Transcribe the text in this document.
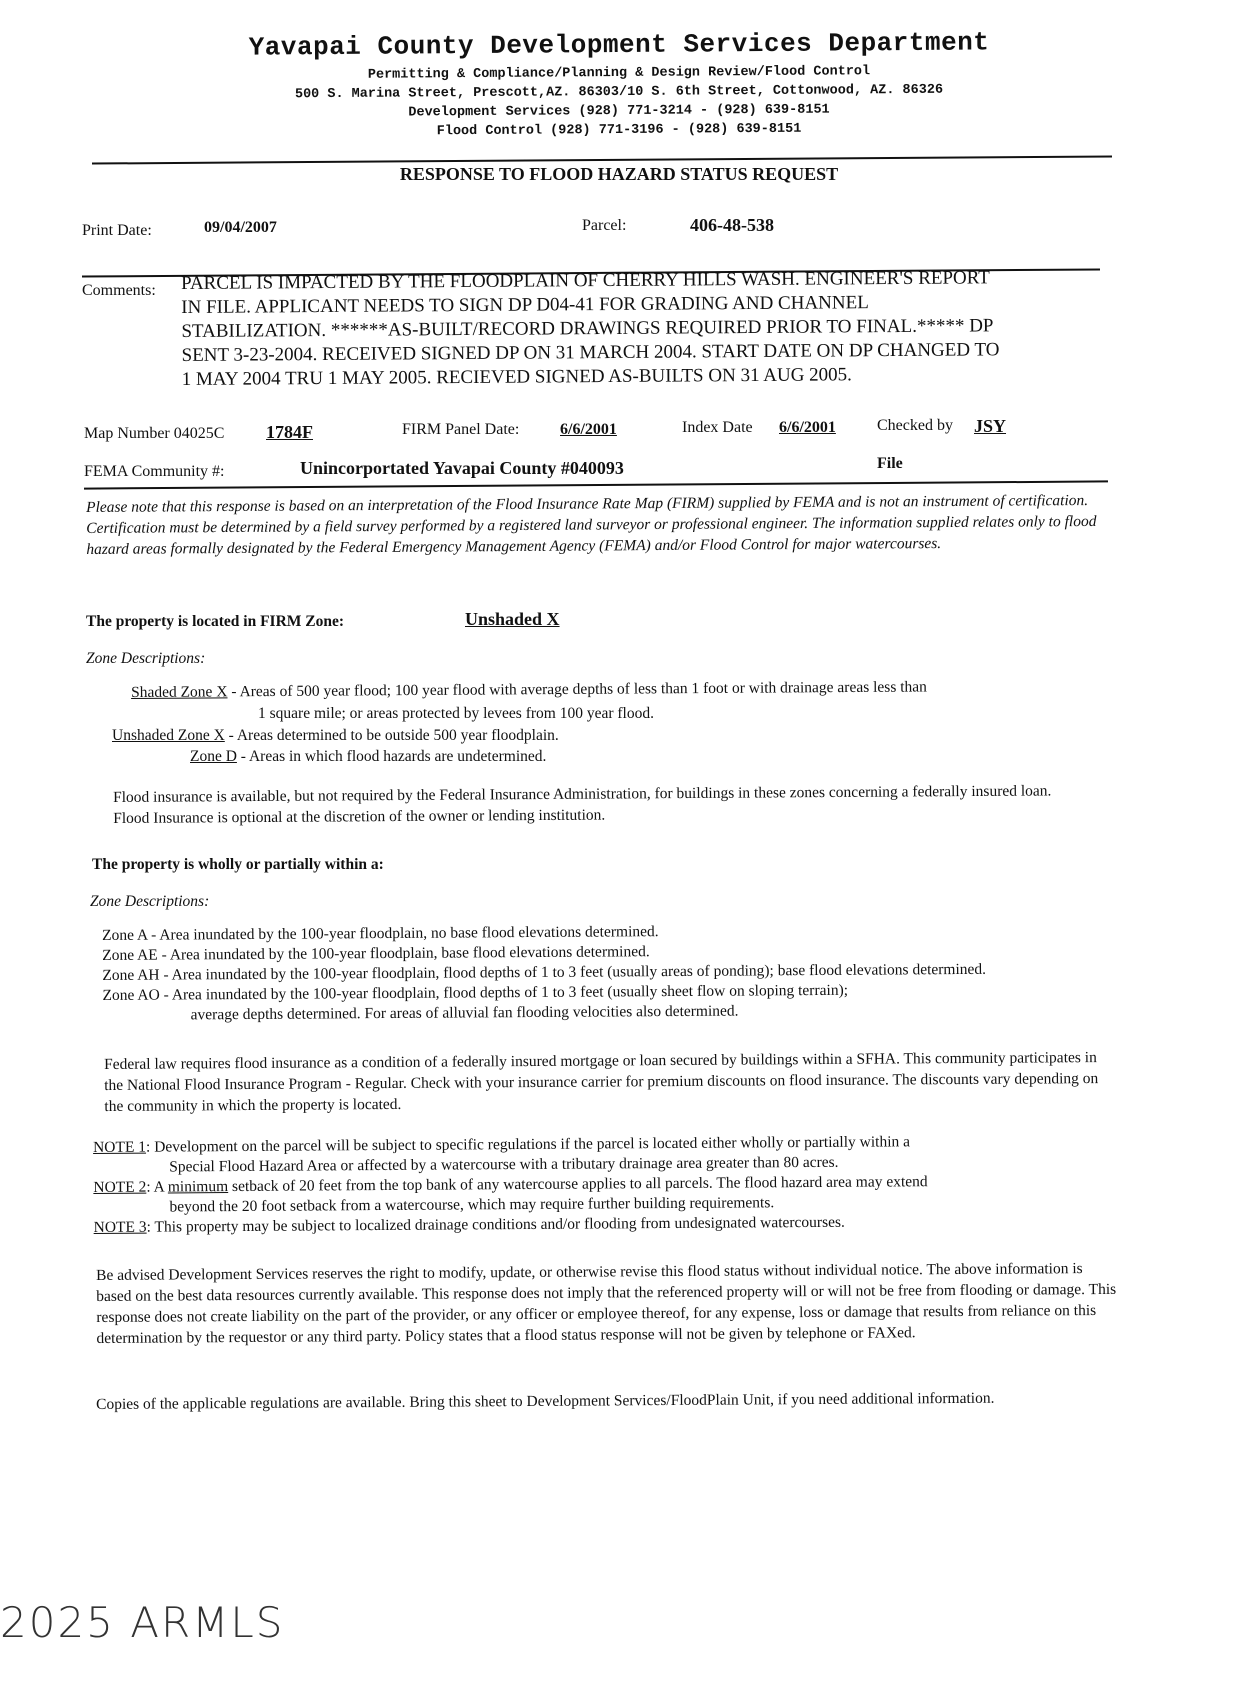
Yavapai County Development Services Department
Permitting & Compliance/Planning & Design Review/Flood Control
500 S. Marina Street, Prescott,AZ. 86303/10 S. 6th Street, Cottonwood, AZ. 86326
Development Services (928) 771-3214 - (928) 639-8151
Flood Control (928) 771-3196 - (928) 639-8151
RESPONSE TO FLOOD HAZARD STATUS REQUEST
Print Date:	09/04/2007	Parcel:	406-48-538
Comments: PARCEL IS IMPACTED BY THE FLOODPLAIN OF CHERRY HILLS WASH. ENGINEER'S REPORT
IN FILE. APPLICANT NEEDS TO SIGN DP D04-41 FOR GRADING AND CHANNEL
STABILIZATION. ******AS-BUILT/RECORD DRAWINGS REQUIRED PRIOR TO FINAL.***** DP
SENT 3-23-2004. RECEIVED SIGNED DP ON 31 MARCH 2004. START DATE ON DP CHANGED TO
1 MAY 2004 TRU 1 MAY 2005. RECIEVED SIGNED AS-BUILTS ON 31 AUG 2005.
Map Number 04025C 1784F	FIRM Panel Date:	6/6/2001	Index Date 6/6/2001	Checked by JSY
FEMA Community #:	Unincorportated Yavapai County #040093	File
Please note that this response is based on an interpretation of the Flood Insurance Rate Map (FIRM) supplied by FEMA and is not an instrument of certification. Certification must be determined by a field survey performed by a registered land surveyor or professional engineer. The information supplied relates only to flood hazard areas formally designated by the Federal Emergency Management Agency (FEMA) and/or Flood Control for major watercourses.
The property is located in FIRM Zone:	Unshaded X
Zone Descriptions:
Shaded Zone X - Areas of 500 year flood; 100 year flood with average depths of less than 1 foot or with drainage areas less than
1 square mile; or areas protected by levees from 100 year flood.
Unshaded Zone X - Areas determined to be outside 500 year floodplain.
Zone D - Areas in which flood hazards are undetermined.
Flood insurance is available, but not required by the Federal Insurance Administration, for buildings in these zones concerning a federally insured loan. Flood Insurance is optional at the discretion of the owner or lending institution.
The property is wholly or partially within a:
Zone Descriptions:
Zone A - Area inundated by the 100-year floodplain, no base flood elevations determined.
Zone AE - Area inundated by the 100-year floodplain, base flood elevations determined.
Zone AH - Area inundated by the 100-year floodplain, flood depths of 1 to 3 feet (usually areas of ponding); base flood elevations determined.
Zone AO - Area inundated by the 100-year floodplain, flood depths of 1 to 3 feet (usually sheet flow on sloping terrain);
average depths determined. For areas of alluvial fan flooding velocities also determined.
Federal law requires flood insurance as a condition of a federally insured mortgage or loan secured by buildings within a SFHA. This community participates in the National Flood Insurance Program - Regular. Check with your insurance carrier for premium discounts on flood insurance. The discounts vary depending on the community in which the property is located.
NOTE 1: Development on the parcel will be subject to specific regulations if the parcel is located either wholly or partially within a
Special Flood Hazard Area or affected by a watercourse with a tributary drainage area greater than 80 acres.
NOTE 2: A minimum setback of 20 feet from the top bank of any watercourse applies to all parcels. The flood hazard area may extend
beyond the 20 foot setback from a watercourse, which may require further building requirements.
NOTE 3: This property may be subject to localized drainage conditions and/or flooding from undesignated watercourses.
Be advised Development Services reserves the right to modify, update, or otherwise revise this flood status without individual notice. The above information is based on the best data resources currently available. This response does not imply that the referenced property will or will not be free from flooding or damage. This response does not create liability on the part of the provider, or any officer or employee thereof, for any expense, loss or damage that results from reliance on this determination by the requestor or any third party. Policy states that a flood status response will not be given by telephone or FAXed.
Copies of the applicable regulations are available. Bring this sheet to Development Services/FloodPlain Unit, if you need additional information.
2025 ARMLS
